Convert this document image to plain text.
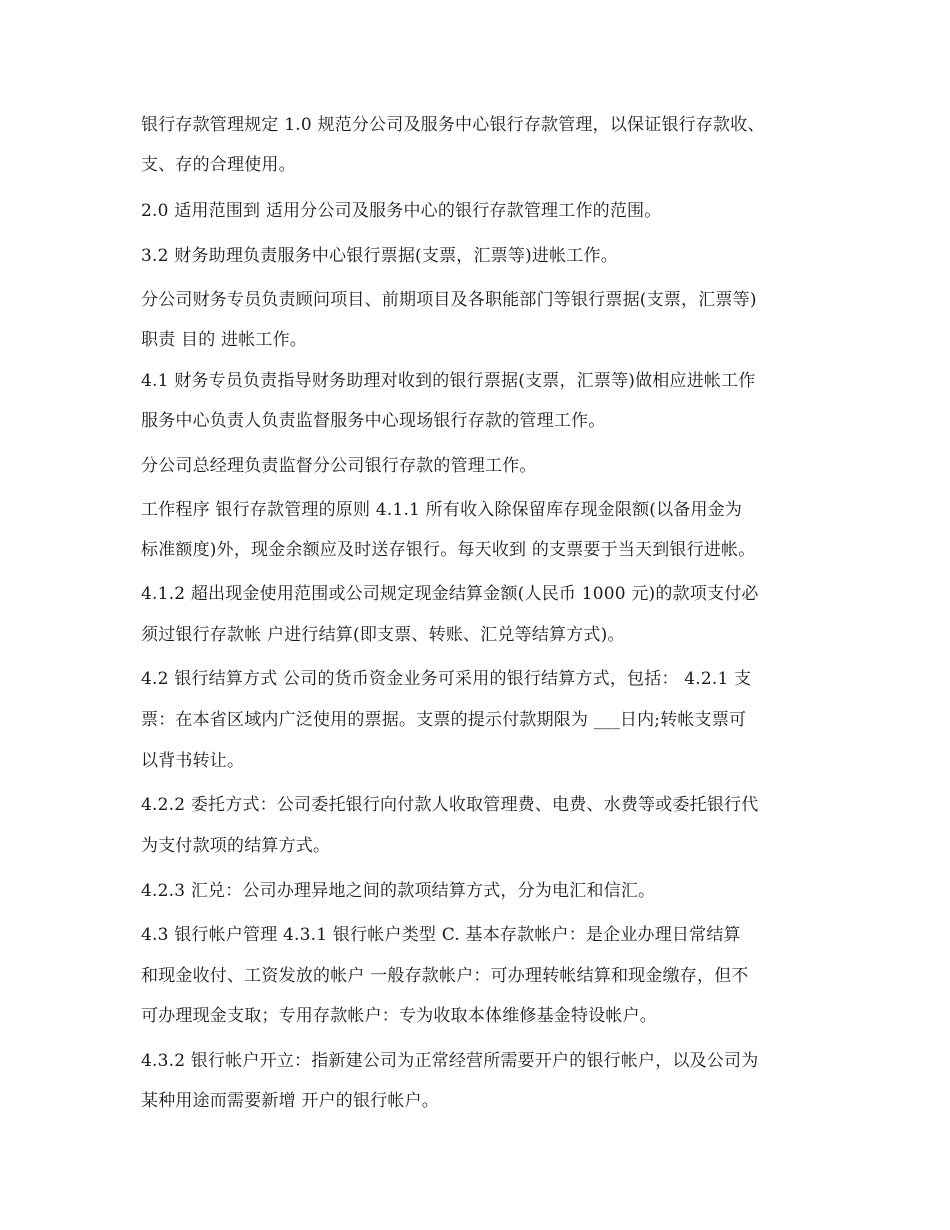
银行存款管理规定 1.0 规范分公司及服务中心银行存款管理，以保证银行存款收、
支、存的合理使用。
2.0 适用范围到 适用分公司及服务中心的银行存款管理工作的范围。
3.2 财务助理负责服务中心银行票据(支票，汇票等)进帐工作。
分公司财务专员负责顾问项目、前期项目及各职能部门等银行票据(支票，汇票等)
职责 目的 进帐工作。
4.1 财务专员负责指导财务助理对收到的银行票据(支票，汇票等)做相应进帐工作
服务中心负责人负责监督服务中心现场银行存款的管理工作。
分公司总经理负责监督分公司银行存款的管理工作。
工作程序 银行存款管理的原则 4.1.1 所有收入除保留库存现金限额(以备用金为
标准额度)外，现金余额应及时送存银行。每天收到 的支票要于当天到银行进帐。
4.1.2 超出现金使用范围或公司规定现金结算金额(人民币 1000 元)的款项支付必
须过银行存款帐 户进行结算(即支票、转账、汇兑等结算方式)。
4.2 银行结算方式 公司的货币资金业务可采用的银行结算方式，包括： 4.2.1 支
票：在本省区域内广泛使用的票据。支票的提示付款期限为 ___日内;转帐支票可
以背书转让。
4.2.2 委托方式：公司委托银行向付款人收取管理费、电费、水费等或委托银行代
为支付款项的结算方式。
4.2.3 汇兑：公司办理异地之间的款项结算方式，分为电汇和信汇。
4.3 银行帐户管理 4.3.1 银行帐户类型 C. 基本存款帐户：是企业办理日常结算
和现金收付、工资发放的帐户 一般存款帐户：可办理转帐结算和现金缴存，但不
可办理现金支取；专用存款帐户：专为收取本体维修基金特设帐户。
4.3.2 银行帐户开立：指新建公司为正常经营所需要开户的银行帐户，以及公司为
某种用途而需要新增 开户的银行帐户。
